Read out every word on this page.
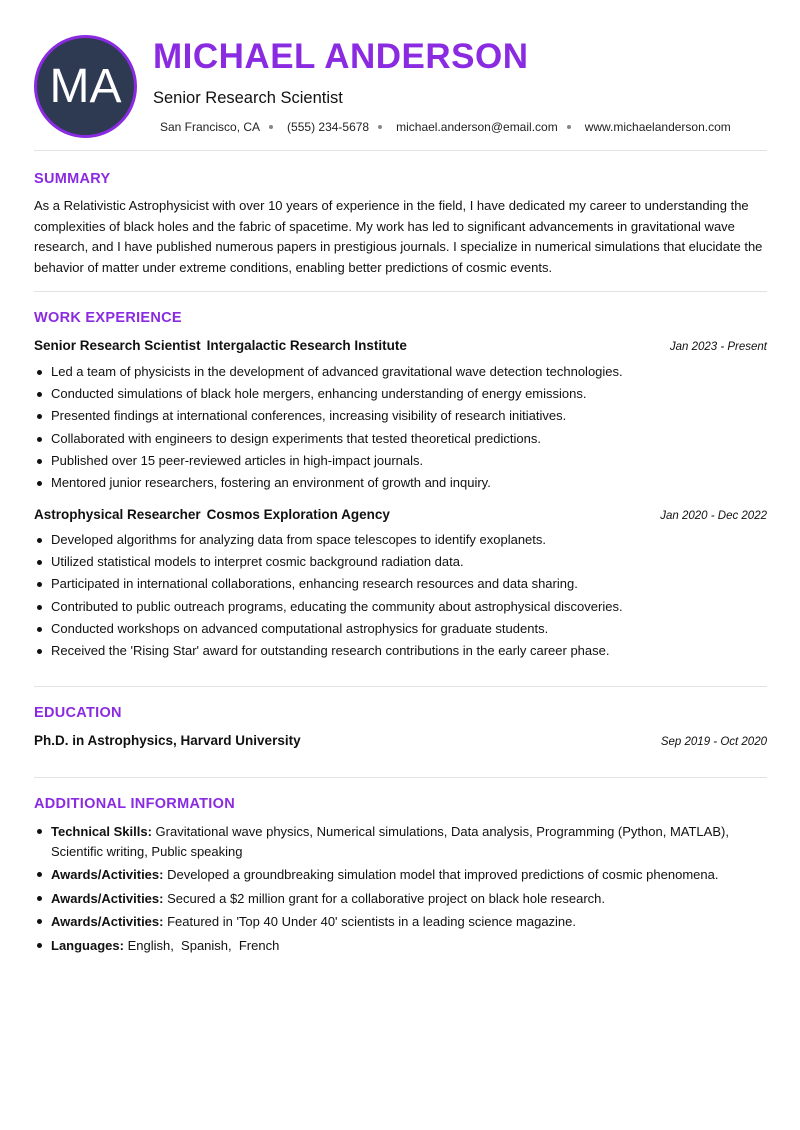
MA
MICHAEL ANDERSON
Senior Research Scientist
San Francisco, CA (555) 234-5678 michael.anderson@email.com www.michaelanderson.com
SUMMARY
As a Relativistic Astrophysicist with over 10 years of experience in the field, I have dedicated my career to understanding the complexities of black holes and the fabric of spacetime. My work has led to significant advancements in gravitational wave research, and I have published numerous papers in prestigious journals. I specialize in numerical simulations that elucidate the behavior of matter under extreme conditions, enabling better predictions of cosmic events.
WORK EXPERIENCE
Senior Research Scientist Intergalactic Research Institute	Jan 2023 - Present
Led a team of physicists in the development of advanced gravitational wave detection technologies.
Conducted simulations of black hole mergers, enhancing understanding of energy emissions.
Presented findings at international conferences, increasing visibility of research initiatives.
Collaborated with engineers to design experiments that tested theoretical predictions.
Published over 15 peer-reviewed articles in high-impact journals.
Mentored junior researchers, fostering an environment of growth and inquiry.
Astrophysical Researcher Cosmos Exploration Agency	Jan 2020 - Dec 2022
Developed algorithms for analyzing data from space telescopes to identify exoplanets.
Utilized statistical models to interpret cosmic background radiation data.
Participated in international collaborations, enhancing research resources and data sharing.
Contributed to public outreach programs, educating the community about astrophysical discoveries.
Conducted workshops on advanced computational astrophysics for graduate students.
Received the 'Rising Star' award for outstanding research contributions in the early career phase.
EDUCATION
Ph.D. in Astrophysics, Harvard University	Sep 2019 - Oct 2020
ADDITIONAL INFORMATION
Technical Skills: Gravitational wave physics, Numerical simulations, Data analysis, Programming (Python, MATLAB), Scientific writing, Public speaking
Awards/Activities: Developed a groundbreaking simulation model that improved predictions of cosmic phenomena.
Awards/Activities: Secured a $2 million grant for a collaborative project on black hole research.
Awards/Activities: Featured in 'Top 40 Under 40' scientists in a leading science magazine.
Languages: English,  Spanish,  French
